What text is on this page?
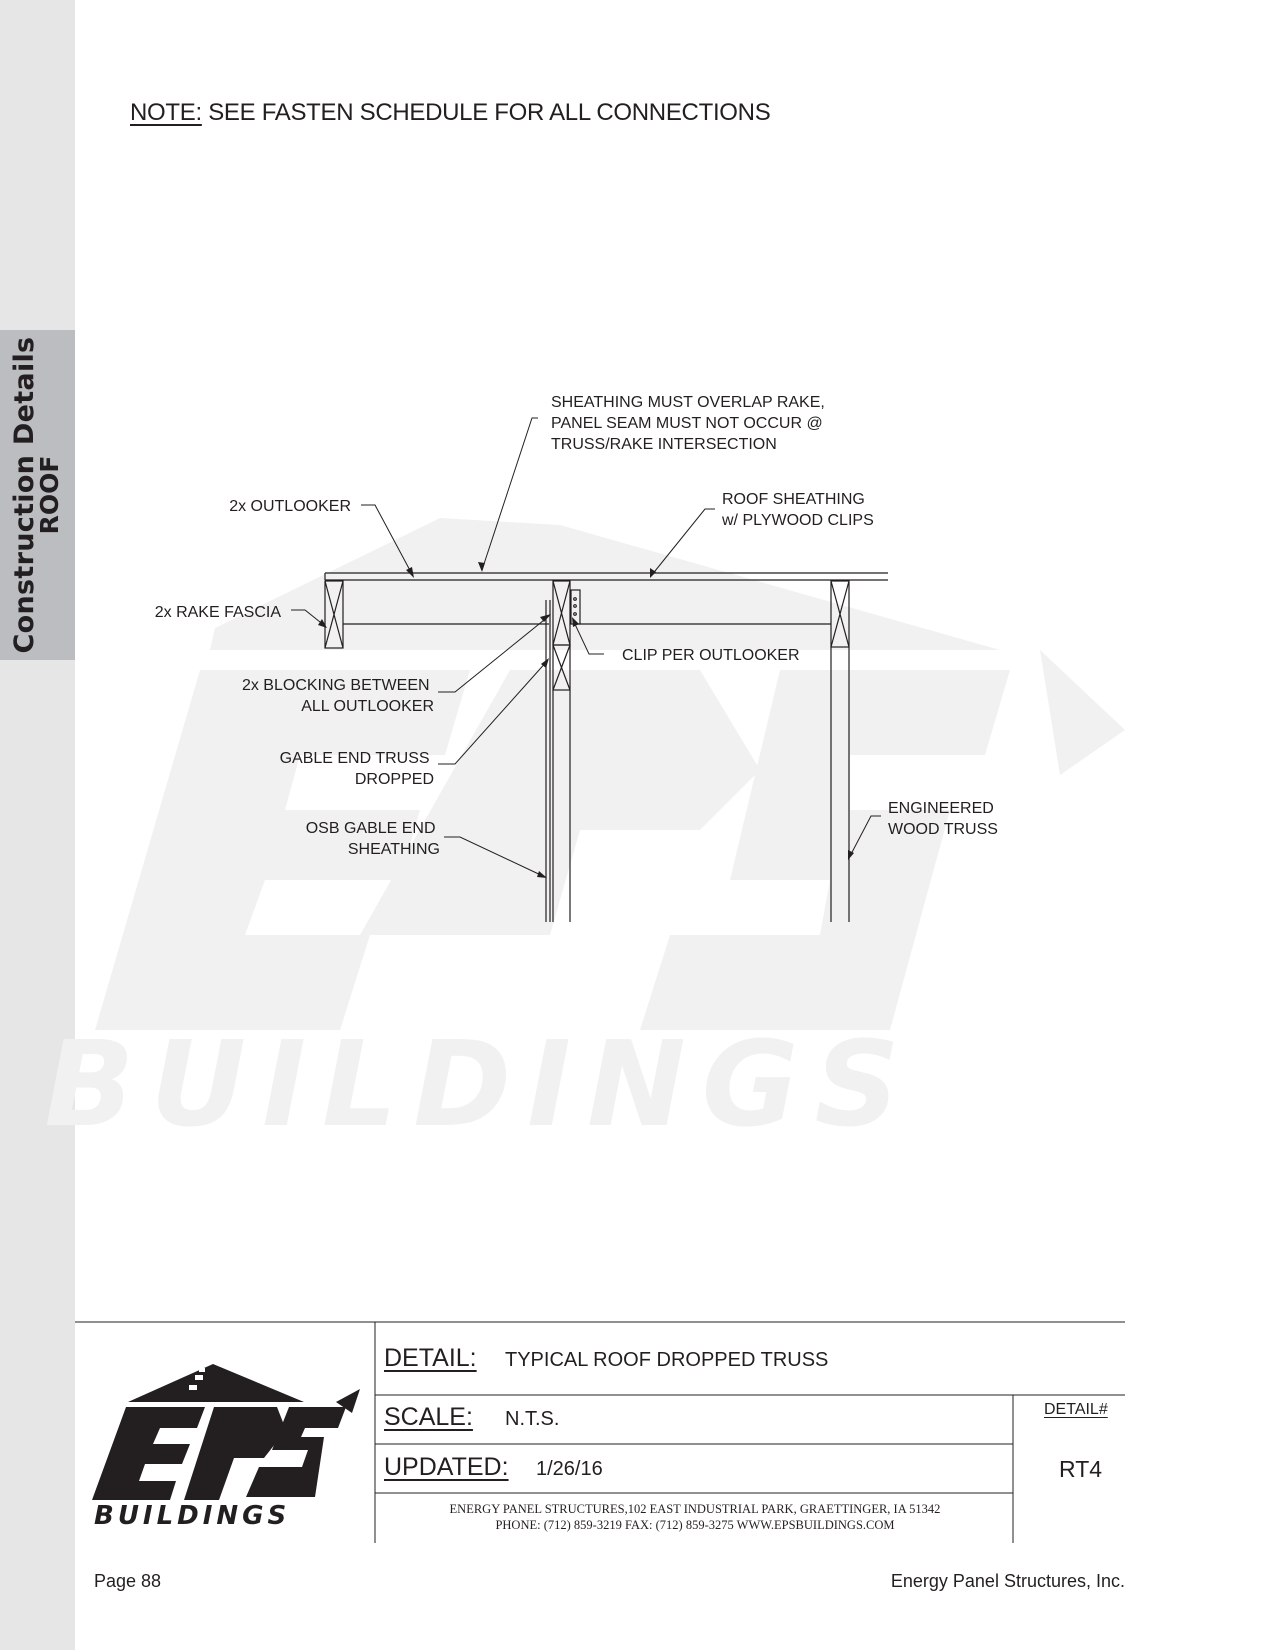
Construction Details
ROOF
NOTE: SEE FASTEN SCHEDULE FOR ALL CONNECTIONS
BUILDINGS
SHEATHING MUST OVERLAP RAKE, PANEL SEAM MUST NOT OCCUR @ TRUSS/RAKE INTERSECTION
2x OUTLOOKER	ROOF SHEATHING w/ PLYWOOD CLIPS
2x RAKE FASCIA
CLIP PER OUTLOOKER
2x BLOCKING BETWEEN ALL OUTLOOKER
GABLE END TRUSS DROPPED
ENGINEERED WOOD TRUSS
OSB GABLE END SHEATHING
BUILDINGS
DETAIL: TYPICAL ROOF DROPPED TRUSS
SCALE: N.T.S.
UPDATED: 1/26/16
DETAIL#
RT4
ENERGY PANEL STRUCTURES,102 EAST INDUSTRIAL PARK, GRAETTINGER, IA 51342
PHONE: (712) 859-3219 FAX: (712) 859-3275 WWW.EPSBUILDINGS.COM
Page 88	Energy Panel Structures, Inc.
